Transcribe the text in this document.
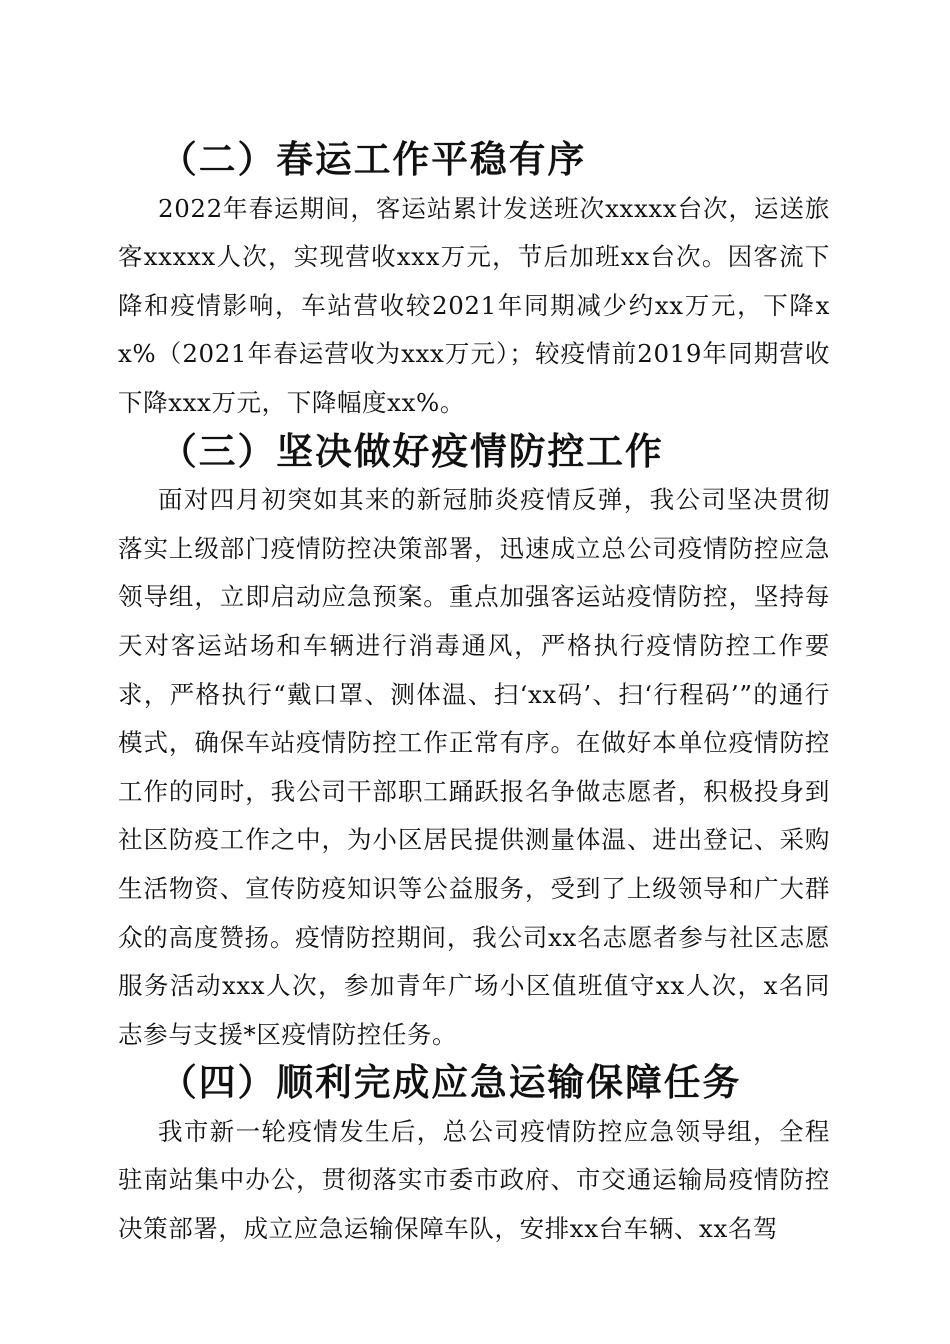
（二）春运工作平稳有序

2022年春运期间，客运站累计发送班次xxxxx台次，运送旅客xxxxx人次，实现营收xxx万元，节后加班xx台次。因客流下降和疫情影响，车站营收较2021年同期减少约xx万元，下降xx%（2021年春运营收为xxx万元）；较疫情前2019年同期营收下降xxx万元，下降幅度xx%。

（三）坚决做好疫情防控工作

面对四月初突如其来的新冠肺炎疫情反弹，我公司坚决贯彻落实上级部门疫情防控决策部署，迅速成立总公司疫情防控应急领导组，立即启动应急预案。重点加强客运站疫情防控，坚持每天对客运站场和车辆进行消毒通风，严格执行疫情防控工作要求，严格执行“戴口罩、测体温、扫‘xx码’、扫‘行程码’”的通行模式，确保车站疫情防控工作正常有序。在做好本单位疫情防控工作的同时，我公司干部职工踊跃报名争做志愿者，积极投身到社区防疫工作之中，为小区居民提供测量体温、进出登记、采购生活物资、宣传防疫知识等公益服务，受到了上级领导和广大群众的高度赞扬。疫情防控期间，我公司xx名志愿者参与社区志愿服务活动xxx人次，参加青年广场小区值班值守xx人次，x名同志参与支援*区疫情防控任务。

（四）顺利完成应急运输保障任务

我市新一轮疫情发生后，总公司疫情防控应急领导组，全程驻南站集中办公，贯彻落实市委市政府、市交通运输局疫情防控决策部署，成立应急运输保障车队，安排xx台车辆、xx名驾
